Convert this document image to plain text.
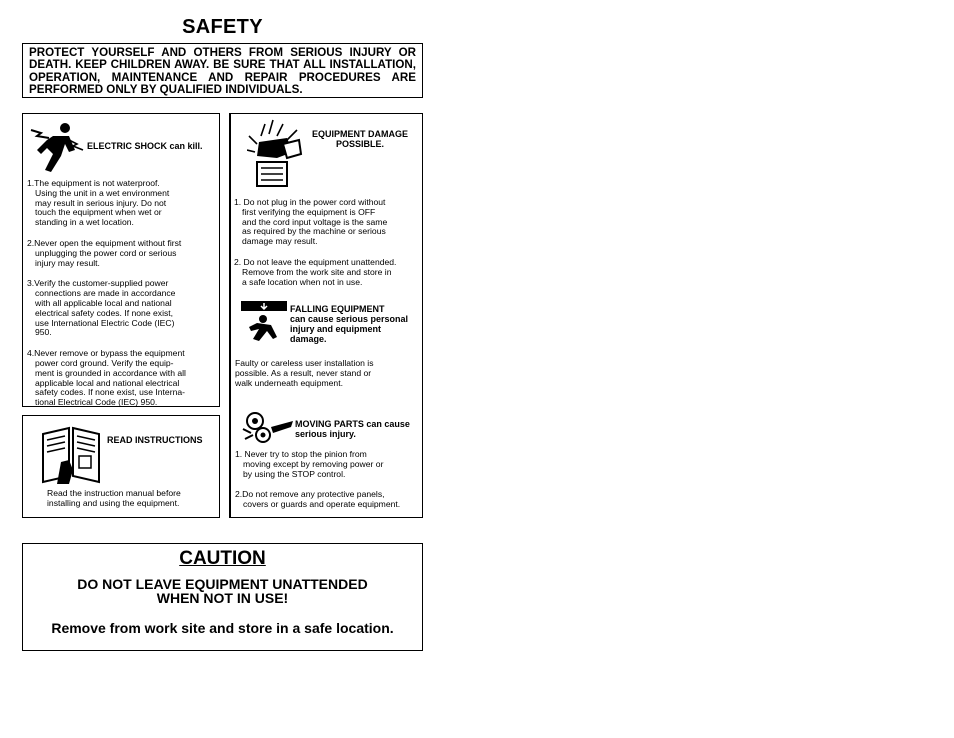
SAFETY
PROTECT YOURSELF AND OTHERS FROM SERIOUS INJURY OR DEATH. KEEP CHILDREN AWAY. BE SURE THAT ALL INSTALLATION, OPERATION, MAINTENANCE AND REPAIR PROCEDURES ARE PERFORMED ONLY BY QUALIFIED INDIVIDUALS.
ELECTRIC SHOCK can kill.
1.The equipment is not waterproof.
Using the unit in a wet environment
may result in serious injury. Do not
touch the equipment when wet or
standing in a wet location.
2.Never open the equipment without first
unplugging the power cord or serious
injury may result.
3.Verify the customer-supplied power
connections are made in accordance
with all applicable local and national
electrical safety codes. If none exist,
use International Electric Code (IEC)
950.
4.Never remove or bypass the equipment
power cord ground. Verify the equip-
ment is grounded in accordance with all
applicable local and national electrical
safety codes. If none exist, use Interna-
tional Electrical Code (IEC) 950.
READ INSTRUCTIONS
Read the instruction manual before
installing and using the equipment.
EQUIPMENT DAMAGE
POSSIBLE.
1. Do not plug in the power cord without
first verifying the equipment is OFF
and the cord input voltage is the same
as required by the machine or serious
damage may result.
2. Do not leave the equipment unattended.
Remove from the work site and store in
a safe location when not in use.
FALLING EQUIPMENT
can cause serious personal
injury and equipment
damage.
Faulty or careless user installation is
possible. As a result, never stand or
walk underneath equipment.
MOVING PARTS can cause
serious injury.
1. Never try to stop the pinion from
moving except by removing power or
by using the STOP control.
2.Do not remove any protective panels,
covers or guards and operate equipment.
CAUTION
DO NOT LEAVE EQUIPMENT UNATTENDED
WHEN NOT IN USE!
Remove from work site and store in a safe location.
